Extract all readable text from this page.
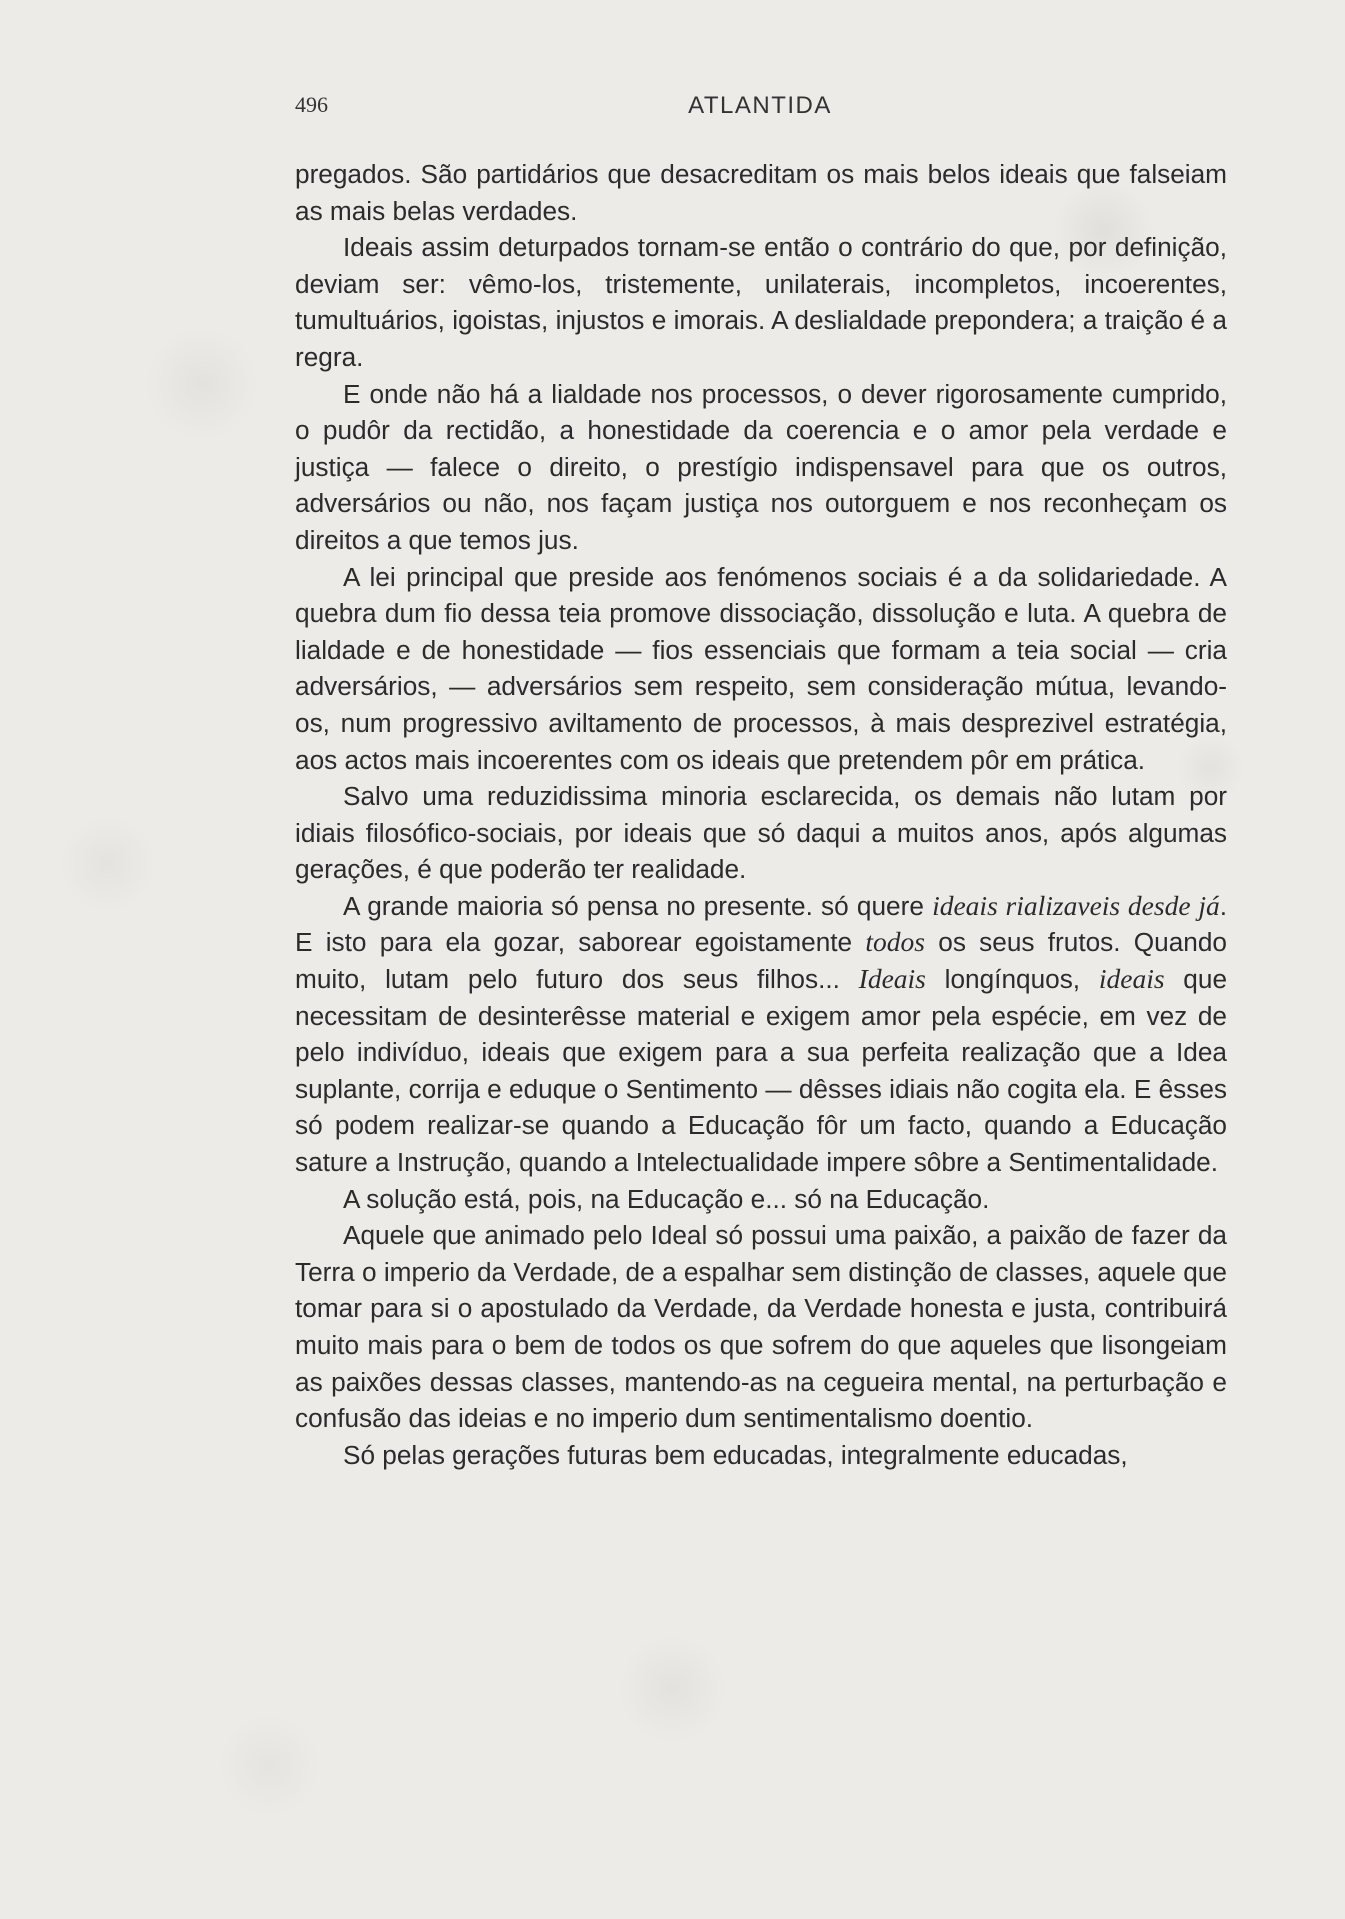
496	ATLANTIDA

pregados. São partidários que desacreditam os mais belos ideais que falseiam as mais belas verdades.

Ideais assim deturpados tornam-se então o contrário do que, por definição, deviam ser: vêmo-los, tristemente, unilaterais, incompletos, incoerentes, tumultuários, igoistas, injustos e imorais. A deslialdade prepondera; a traição é a regra.

E onde não há a lialdade nos processos, o dever rigorosamente cumprido, o pudôr da rectidão, a honestidade da coerencia e o amor pela verdade e justiça — falece o direito, o prestígio indispensavel para que os outros, adversários ou não, nos façam justiça nos outorguem e nos reconheçam os direitos a que temos jus.

A lei principal que preside aos fenómenos sociais é a da solidariedade. A quebra dum fio dessa teia promove dissociação, dissolução e luta. A quebra de lialdade e de honestidade — fios essenciais que formam a teia social — cria adversários, — adversários sem respeito, sem consideração mútua, levando-os, num progressivo aviltamento de processos, à mais desprezivel estratégia, aos actos mais incoerentes com os ideais que pretendem pôr em prática.

Salvo uma reduzidissima minoria esclarecida, os demais não lutam por idiais filosófico-sociais, por ideais que só daqui a muitos anos, após algumas gerações, é que poderão ter realidade.

A grande maioria só pensa no presente. só quere ideais rializaveis desde já. E isto para ela gozar, saborear egoistamente todos os seus frutos. Quando muito, lutam pelo futuro dos seus filhos... Ideais longínquos, ideais que necessitam de desinterêsse material e exigem amor pela espécie, em vez de pelo indivíduo, ideais que exigem para a sua perfeita realização que a Idea suplante, corrija e eduque o Sentimento — dêsses idiais não cogita ela. E êsses só podem realizar-se quando a Educação fôr um facto, quando a Educação sature a Instrução, quando a Intelectualidade impere sôbre a Sentimentalidade.

A solução está, pois, na Educação e... só na Educação.

Aquele que animado pelo Ideal só possui uma paixão, a paixão de fazer da Terra o imperio da Verdade, de a espalhar sem distinção de classes, aquele que tomar para si o apostulado da Verdade, da Verdade honesta e justa, contribuirá muito mais para o bem de todos os que sofrem do que aqueles que lisongeiam as paixões dessas classes, mantendo-as na cegueira mental, na perturbação e confusão das ideias e no imperio dum sentimentalismo doentio.

Só pelas gerações futuras bem educadas, integralmente educadas,
